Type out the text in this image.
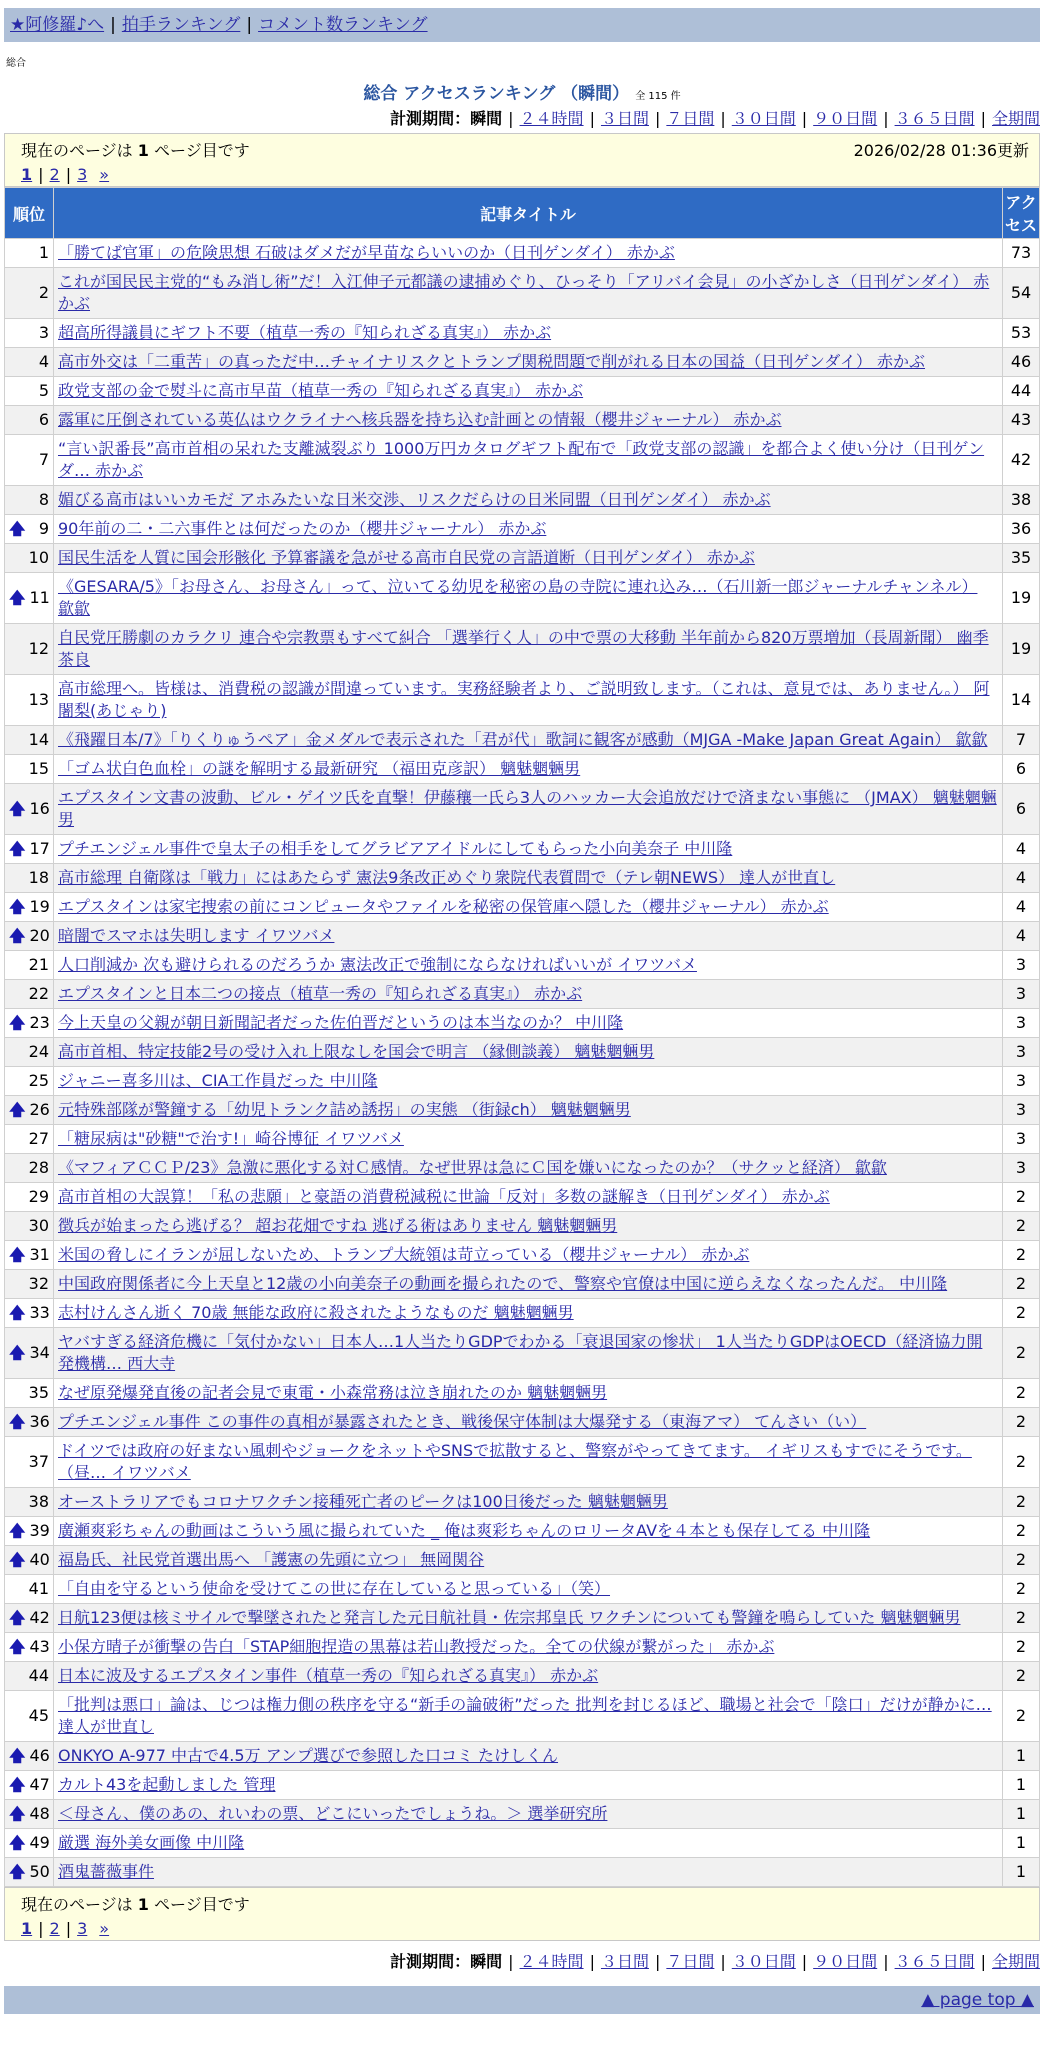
★阿修羅♪へ | 拍手ランキング | コメント数ランキング
総合
総合 アクセスランキング （瞬間） 全 115 件
計測期間：瞬間 | ２４時間 | ３日間 | ７日間 | ３０日間 | ９０日間 | ３６５日間 | 全期間
現在のページは 1 ページ目です	2026/02/28 01:36更新
1 | 2 | 3 »
順位	記事タイトル	アクセス
1	「勝てば官軍」の危険思想 石破はダメだが早苗ならいいのか（日刊ゲンダイ） 赤かぶ	73
2	これが国民民主党的“もみ消し術”だ！入江伸子元都議の逮捕めぐり、ひっそり「アリバイ会見」の小ざかしさ（日刊ゲンダイ） 赤かぶ	54
3	超高所得議員にギフト不要（植草一秀の『知られざる真実』） 赤かぶ	53
4	高市外交は「二重苦」の真っただ中…チャイナリスクとトランプ関税問題で削がれる日本の国益（日刊ゲンダイ） 赤かぶ	46
5	政党支部の金で熨斗に高市早苗（植草一秀の『知られざる真実』） 赤かぶ	44
6	露軍に圧倒されている英仏はウクライナへ核兵器を持ち込む計画との情報（櫻井ジャーナル） 赤かぶ	43
7	“言い訳番長”高市首相の呆れた支離滅裂ぶり 1000万円カタログギフト配布で「政党支部の認識」を都合よく使い分け（日刊ゲンダ… 赤かぶ	42
8	媚びる高市はいいカモだ アホみたいな日米交渉、リスクだらけの日米同盟（日刊ゲンダイ） 赤かぶ	38

🡅 9	90年前の二・二六事件とは何だったのか（櫻井ジャーナル） 赤かぶ	36
10	国民生活を人質に国会形骸化 予算審議を急がせる高市自民党の言語道断（日刊ゲンダイ） 赤かぶ	35

🡅 11	《GESARA/5》「お母さん、お母さん」って、泣いてる幼児を秘密の島の寺院に連れ込み…（石川新一郎ジャーナルチャンネル） 歙歙	19
12	自民党圧勝劇のカラクリ 連合や宗教票もすべて糾合 「選挙行く人」の中で票の大移動 半年前から820万票増加（長周新聞） 幽季 茶良	19
13	高市総理へ。皆様は、消費税の認識が間違っています。実務経験者より、ご説明致します。（これは、意見では、ありません。） 阿闍梨(あじゃり)	14
14	《飛躍日本/7》「りくりゅうペア」金メダルで表示された「君が代」歌詞に観客が感動（MJGA -Make Japan Great Again） 歙歙	7
15	「ゴム状白色血栓」の謎を解明する最新研究 （福田克彦訳） 魑魅魍魎男	6

🡅 16	エプスタイン文書の波動、ビル・ゲイツ氏を直撃！伊藤穰一氏ら3人のハッカー大会追放だけで済まない事態に （JMAX） 魑魅魍魎男	6

🡅 17	プチエンジェル事件で皇太子の相手をしてグラビアアイドルにしてもらった小向美奈子 中川隆	4
18	高市総理 自衛隊は「戦力」にはあたらず 憲法9条改正めぐり衆院代表質問で（テレ朝NEWS） 達人が世直し	4

🡅 19	エプスタインは家宅捜索の前にコンピュータやファイルを秘密の保管庫へ隠した（櫻井ジャーナル） 赤かぶ	4

🡅 20	暗闇でスマホは失明します イワツバメ	4
21	人口削減か 次も避けられるのだろうか 憲法改正で強制にならなければいいが イワツバメ	3
22	エプスタインと日本二つの接点（植草一秀の『知られざる真実』） 赤かぶ	3

🡅 23	今上天皇の父親が朝日新聞記者だった佐伯晋だというのは本当なのか？ 中川隆	3
24	高市首相、特定技能2号の受け入れ上限なしを国会で明言 （縁側談義） 魑魅魍魎男	3
25	ジャニー喜多川は、CIA工作員だった 中川隆	3

🡅 26	元特殊部隊が警鐘する「幼児トランク詰め誘拐」の実態 （街録ch） 魑魅魍魎男	3
27	「糖尿病は"砂糖"で治す!」崎谷博征 イワツバメ	3
28	《マフィアＣＣＰ/23》急激に悪化する対Ｃ感情。なぜ世界は急にＣ国を嫌いになったのか？（サクッと経済） 歙歙	3
29	高市首相の大誤算！「私の悲願」と豪語の消費税減税に世論「反対」多数の謎解き（日刊ゲンダイ） 赤かぶ	2
30	徴兵が始まったら逃げる？ 超お花畑ですね 逃げる術はありません 魑魅魍魎男	2

🡅 31	米国の脅しにイランが屈しないため、トランプ大統領は苛立っている（櫻井ジャーナル） 赤かぶ	2
32	中国政府関係者に今上天皇と12歳の小向美奈子の動画を撮られたので、警察や官僚は中国に逆らえなくなったんだ。 中川隆	2

🡅 33	志村けんさん逝く 70歳 無能な政府に殺されたようなものだ 魑魅魍魎男	2

🡅 34	ヤバすぎる経済危機に「気付かない」日本人…1人当たりGDPでわかる「衰退国家の惨状」 1人当たりGDPはOECD（経済協力開発機構… 西大寺	2
35	なぜ原発爆発直後の記者会見で東電・小森常務は泣き崩れたのか 魑魅魍魎男	2

🡅 36	プチエンジェル事件 この事件の真相が暴露されたとき、戦後保守体制は大爆発する（東海アマ） てんさい（い）	2
37	ドイツでは政府の好まない風刺やジョークをネットやSNSで拡散すると、警察がやってきてます。 イギリスもすでにそうです。（昼… イワツバメ	2
38	オーストラリアでもコロナワクチン接種死亡者のピークは100日後だった 魑魅魍魎男	2

🡅 39	廣瀬爽彩ちゃんの動画はこういう風に撮られていた _ 俺は爽彩ちゃんのロリータAVを４本とも保存してる 中川隆	2

🡅 40	福島氏、社民党首選出馬へ 「護憲の先頭に立つ」 無岡関谷	2
41	「自由を守るという使命を受けてこの世に存在していると思っている」（笑）	2

🡅 42	日航123便は核ミサイルで撃墜されたと発言した元日航社員・佐宗邦皇氏 ワクチンについても警鐘を鳴らしていた 魑魅魍魎男	2

🡅 43	小保方晴子が衝撃の告白「STAP細胞捏造の黒幕は若山教授だった。全ての伏線が繋がった」 赤かぶ	2
44	日本に波及するエプスタイン事件（植草一秀の『知られざる真実』） 赤かぶ	2
45	「批判は悪口」論は、じつは権力側の秩序を守る“新手の論破術”だった 批判を封じるほど、職場と社会で「陰口」だけが静かに… 達人が世直し	2

🡅 46	ONKYO A-977 中古で4.5万 アンプ選びで参照した口コミ たけしくん	1

🡅 47	カルト43を起動しました 管理	1

🡅 48	＜母さん、僕のあの、れいわの票、どこにいったでしょうね。＞ 選挙研究所	1

🡅 49	厳選 海外美女画像 中川隆	1

🡅 50	酒鬼薔薇事件	1
現在のページは 1 ページ目です
1 | 2 | 3 »
計測期間：瞬間 | ２４時間 | ３日間 | ７日間 | ３０日間 | ９０日間 | ３６５日間 | 全期間
▲ page top ▲
